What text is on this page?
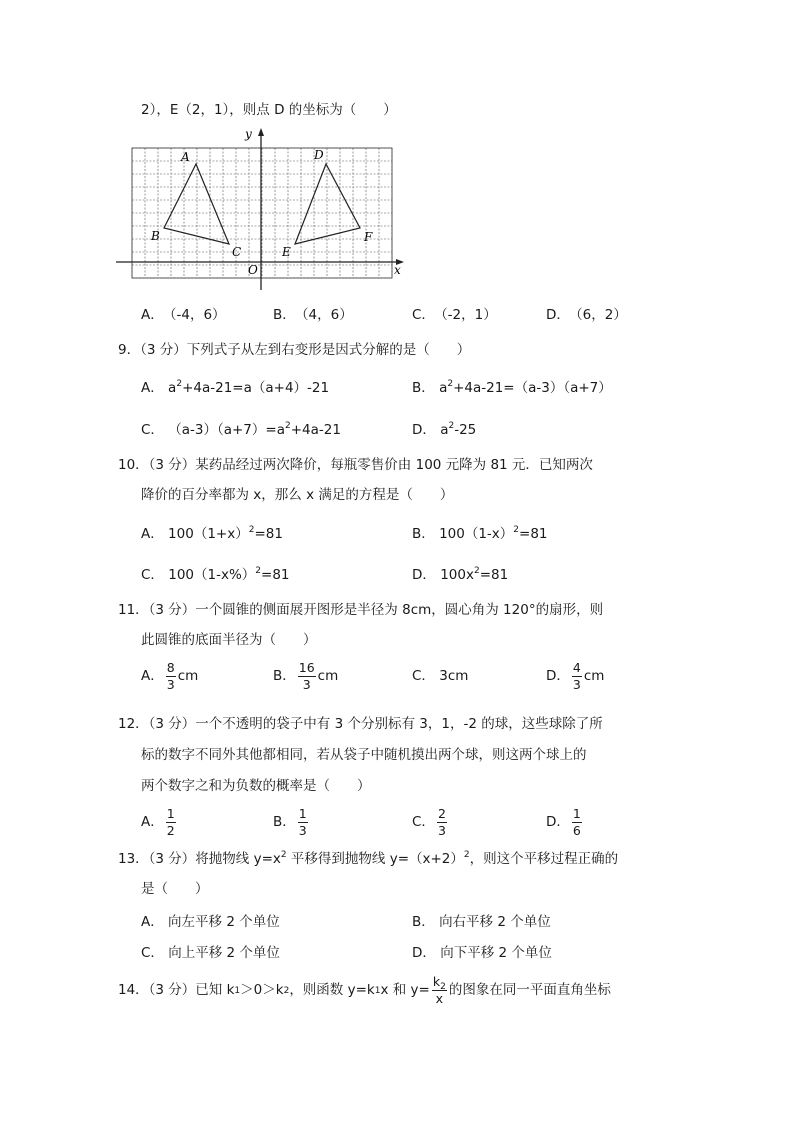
2），E（2，1），则点 D 的坐标为（　　）
A
B
C
D
E
F
O	x
y
A． （-4，6）	B． （4，6）	C． （-2，1）	D． （6，2）
9．（3 分）下列式子从左到右变形是因式分解的是（　　）
A． $a^2+4a-21=a(a+4)-21$	B． $a^2+4a-21=(a-3)(a+7)$
C． $(a-3)(a+7)=a^2+4a-21$	D． $a^2-25$
10．（3 分）某药品经过两次降价，每瓶零售价由 100 元降为 81 元．已知两次
降价的百分率都为 x，那么 x 满足的方程是（　　）
A． $100(1+x)^2=81$	B． $100(1-x)^2=81$
C． $100(1-x\%)^2=81$	D． $100x^2=81$
11．（3 分）一个圆锥的侧面展开图形是半径为 8cm，圆心角为 120°的扇形，则
此圆锥的底面半径为（　　）
A． $\frac{8}{3}$ cm	B． $\frac{16}{3}$ cm	C． 3cm	D． $\frac{4}{3}$ cm
12．（3 分）一个不透明的袋子中有 3 个分别标有 3，1，-2 的球，这些球除了所
标的数字不同外其他都相同，若从袋子中随机摸出两个球，则这两个球上的
两个数字之和为负数的概率是（　　）
A． $\frac{1}{2}$	B． $\frac{1}{3}$	C． $\frac{2}{3}$	D． $\frac{1}{6}$
13．（3 分）将抛物线 $y=x^2$ 平移得到抛物线 $y=(x+2)^2$，则这个平移过程正确的
是（　　）
A． 向左平移 2 个单位	B． 向右平移 2 个单位
C． 向上平移 2 个单位	D． 向下平移 2 个单位
14．（3 分）已知 k 1 ＞0＞k 2 ，则函数 y=k 1 x 和 $y= \frac{k_2}{x}$ 的图象在同一平面直角坐标
